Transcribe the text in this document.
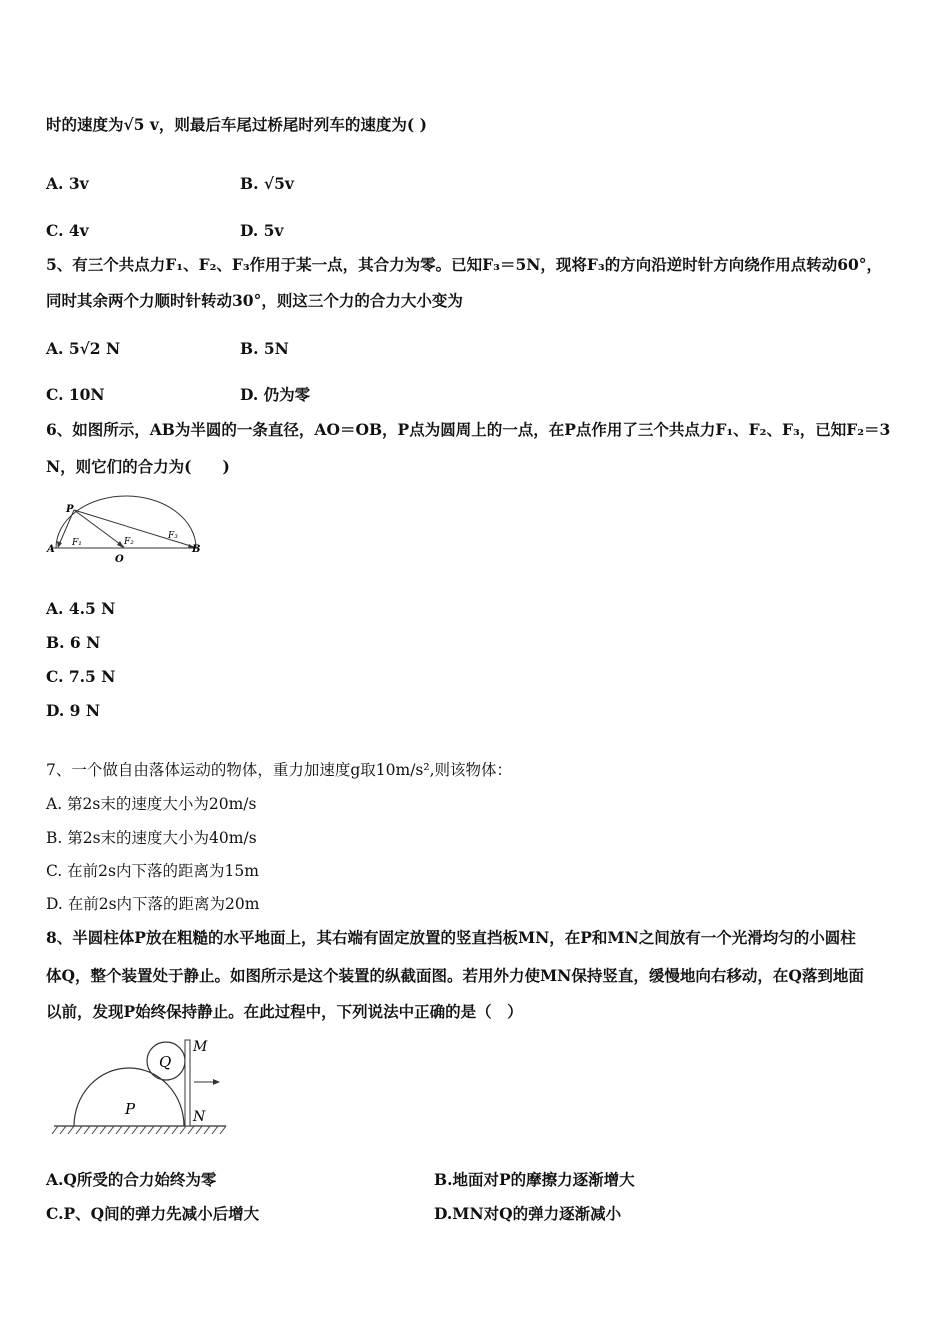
时的速度为√5 v，则最后车尾过桥尾时列车的速度为( )
A. 3v	B. √5v
C. 4v	D. 5v
5、有三个共点力F₁、F₂、F₃作用于某一点，其合力为零。已知F₃＝5N，现将F₃的方向沿逆时针方向绕作用点转动60°，
同时其余两个力顺时针转动30°，则这三个力的合力大小变为
A. 5√2 N	B. 5N
C. 10N	D. 仍为零
6、如图所示，AB为半圆的一条直径，AO＝OB，P点为圆周上的一点，在P点作用了三个共点力F₁、F₂、F₃，已知F₂＝3
N，则它们的合力为(　　)
P
A
O
B
F₁	F₂
F₃
A. 4.5 N
B. 6 N
C. 7.5 N
D. 9 N
7、一个做自由落体运动的物体，重力加速度g取10m/s²,则该物体：
A. 第2s末的速度大小为20m/s
B. 第2s末的速度大小为40m/s
C. 在前2s内下落的距离为15m
D. 在前2s内下落的距离为20m
8、半圆柱体P放在粗糙的水平地面上，其右端有固定放置的竖直挡板MN，在P和MN之间放有一个光滑均匀的小圆柱
体Q，整个装置处于静止。如图所示是这个装置的纵截面图。若用外力使MN保持竖直，缓慢地向右移动，在Q落到地面
以前，发现P始终保持静止。在此过程中，下列说法中正确的是（　）
Q
P
M
N
A.Q所受的合力始终为零	B.地面对P的摩擦力逐渐增大
C.P、Q间的弹力先减小后增大	D.MN对Q的弹力逐渐减小
